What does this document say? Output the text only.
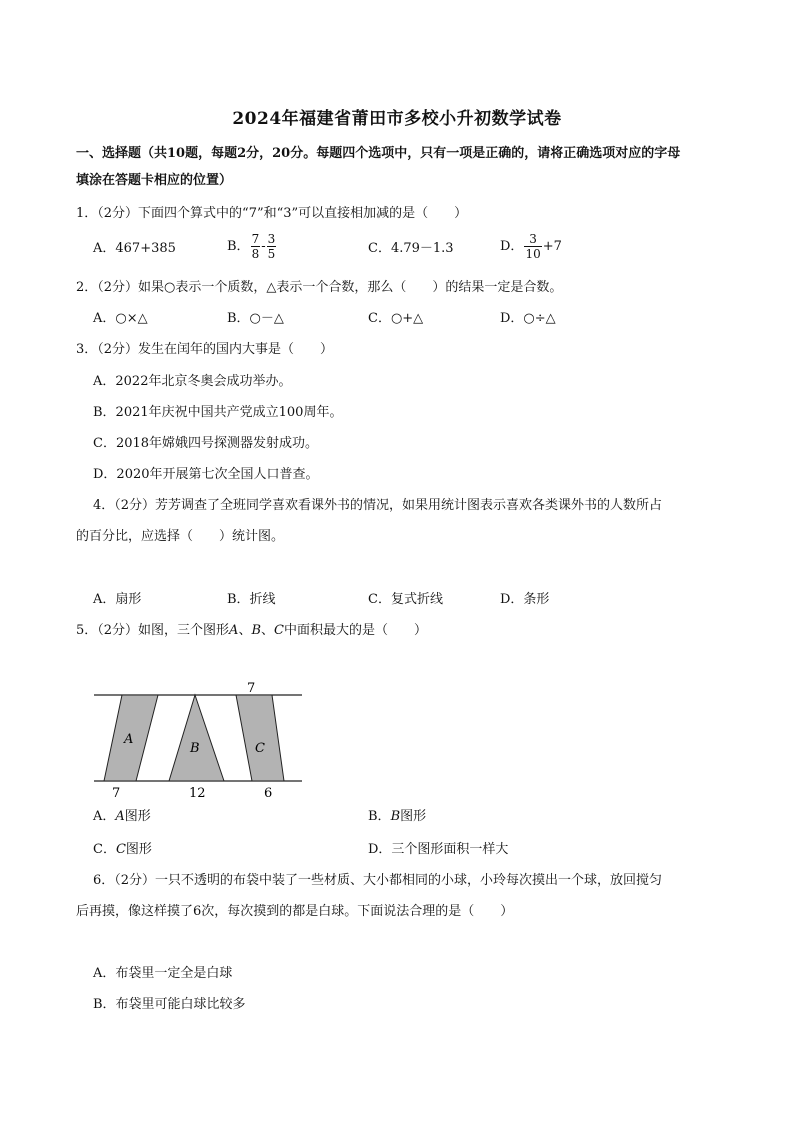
2024年福建省莆田市多校小升初数学试卷
一、选择题（共10题，每题2分，20分。每题四个选项中，只有一项是正确的，请将正确选项对应的字母
填涂在答题卡相应的位置）
1．（2分）下面四个算式中的“7”和“3”可以直接相加减的是（　　）
A．467+385	B． $\frac{7}{8} - \frac{3}{5}$	C．4.79－1.3	D． $\frac{3}{10} +7$
2．（2分）如果○表示一个质数，△表示一个合数，那么（　　）的结果一定是合数。
A．○×△	B．○－△	C．○+△	D．○÷△
3．（2分）发生在闰年的国内大事是（　　）
A．2022年北京冬奥会成功举办。
B．2021年庆祝中国共产党成立100周年。
C．2018年嫦娥四号探测器发射成功。
D．2020年开展第七次全国人口普查。
4．（2分）芳芳调查了全班同学喜欢看课外书的情况，如果用统计图表示喜欢各类课外书的人数所占
的百分比，应选择（　　）统计图。
A．扇形	B．折线	C．复式折线	D．条形
5．（2分）如图，三个图形A、B、C中面积最大的是（　　）
7
A
B	C
7	12	6
A．A图形	B．B图形
C．C图形	D．三个图形面积一样大
6．（2分）一只不透明的布袋中装了一些材质、大小都相同的小球，小玲每次摸出一个球，放回搅匀
后再摸，像这样摸了6次，每次摸到的都是白球。下面说法合理的是（　　）
A．布袋里一定全是白球
B．布袋里可能白球比较多
